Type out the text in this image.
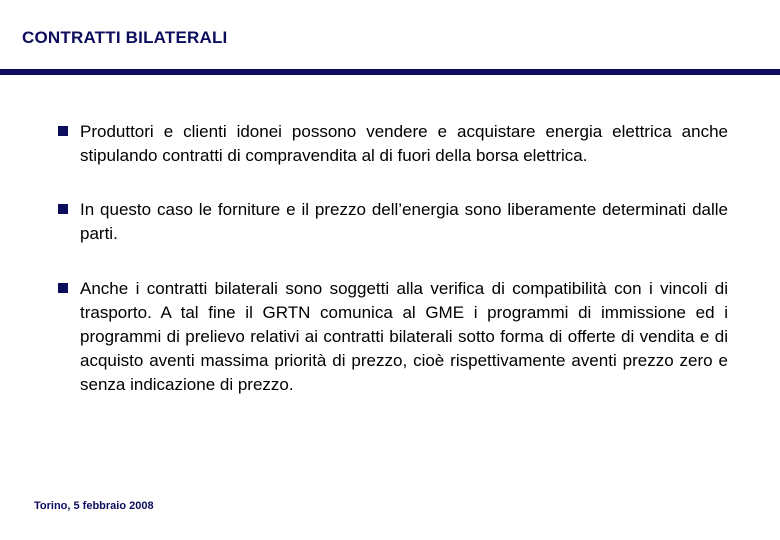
CONTRATTI BILATERALI
Produttori e clienti idonei possono vendere e acquistare energia elettrica anche stipulando contratti di compravendita al di fuori della borsa elettrica.
In questo caso le forniture e il prezzo dell’energia sono liberamente determinati dalle parti.
Anche i contratti bilaterali sono soggetti alla verifica di compatibilità con i vincoli di trasporto. A tal fine il GRTN comunica al GME i programmi di immissione ed i programmi di prelievo relativi ai contratti bilaterali sotto forma di offerte di vendita e di acquisto aventi massima priorità di prezzo, cioè rispettivamente aventi prezzo zero e senza indicazione di prezzo.
Torino, 5 febbraio 2008
